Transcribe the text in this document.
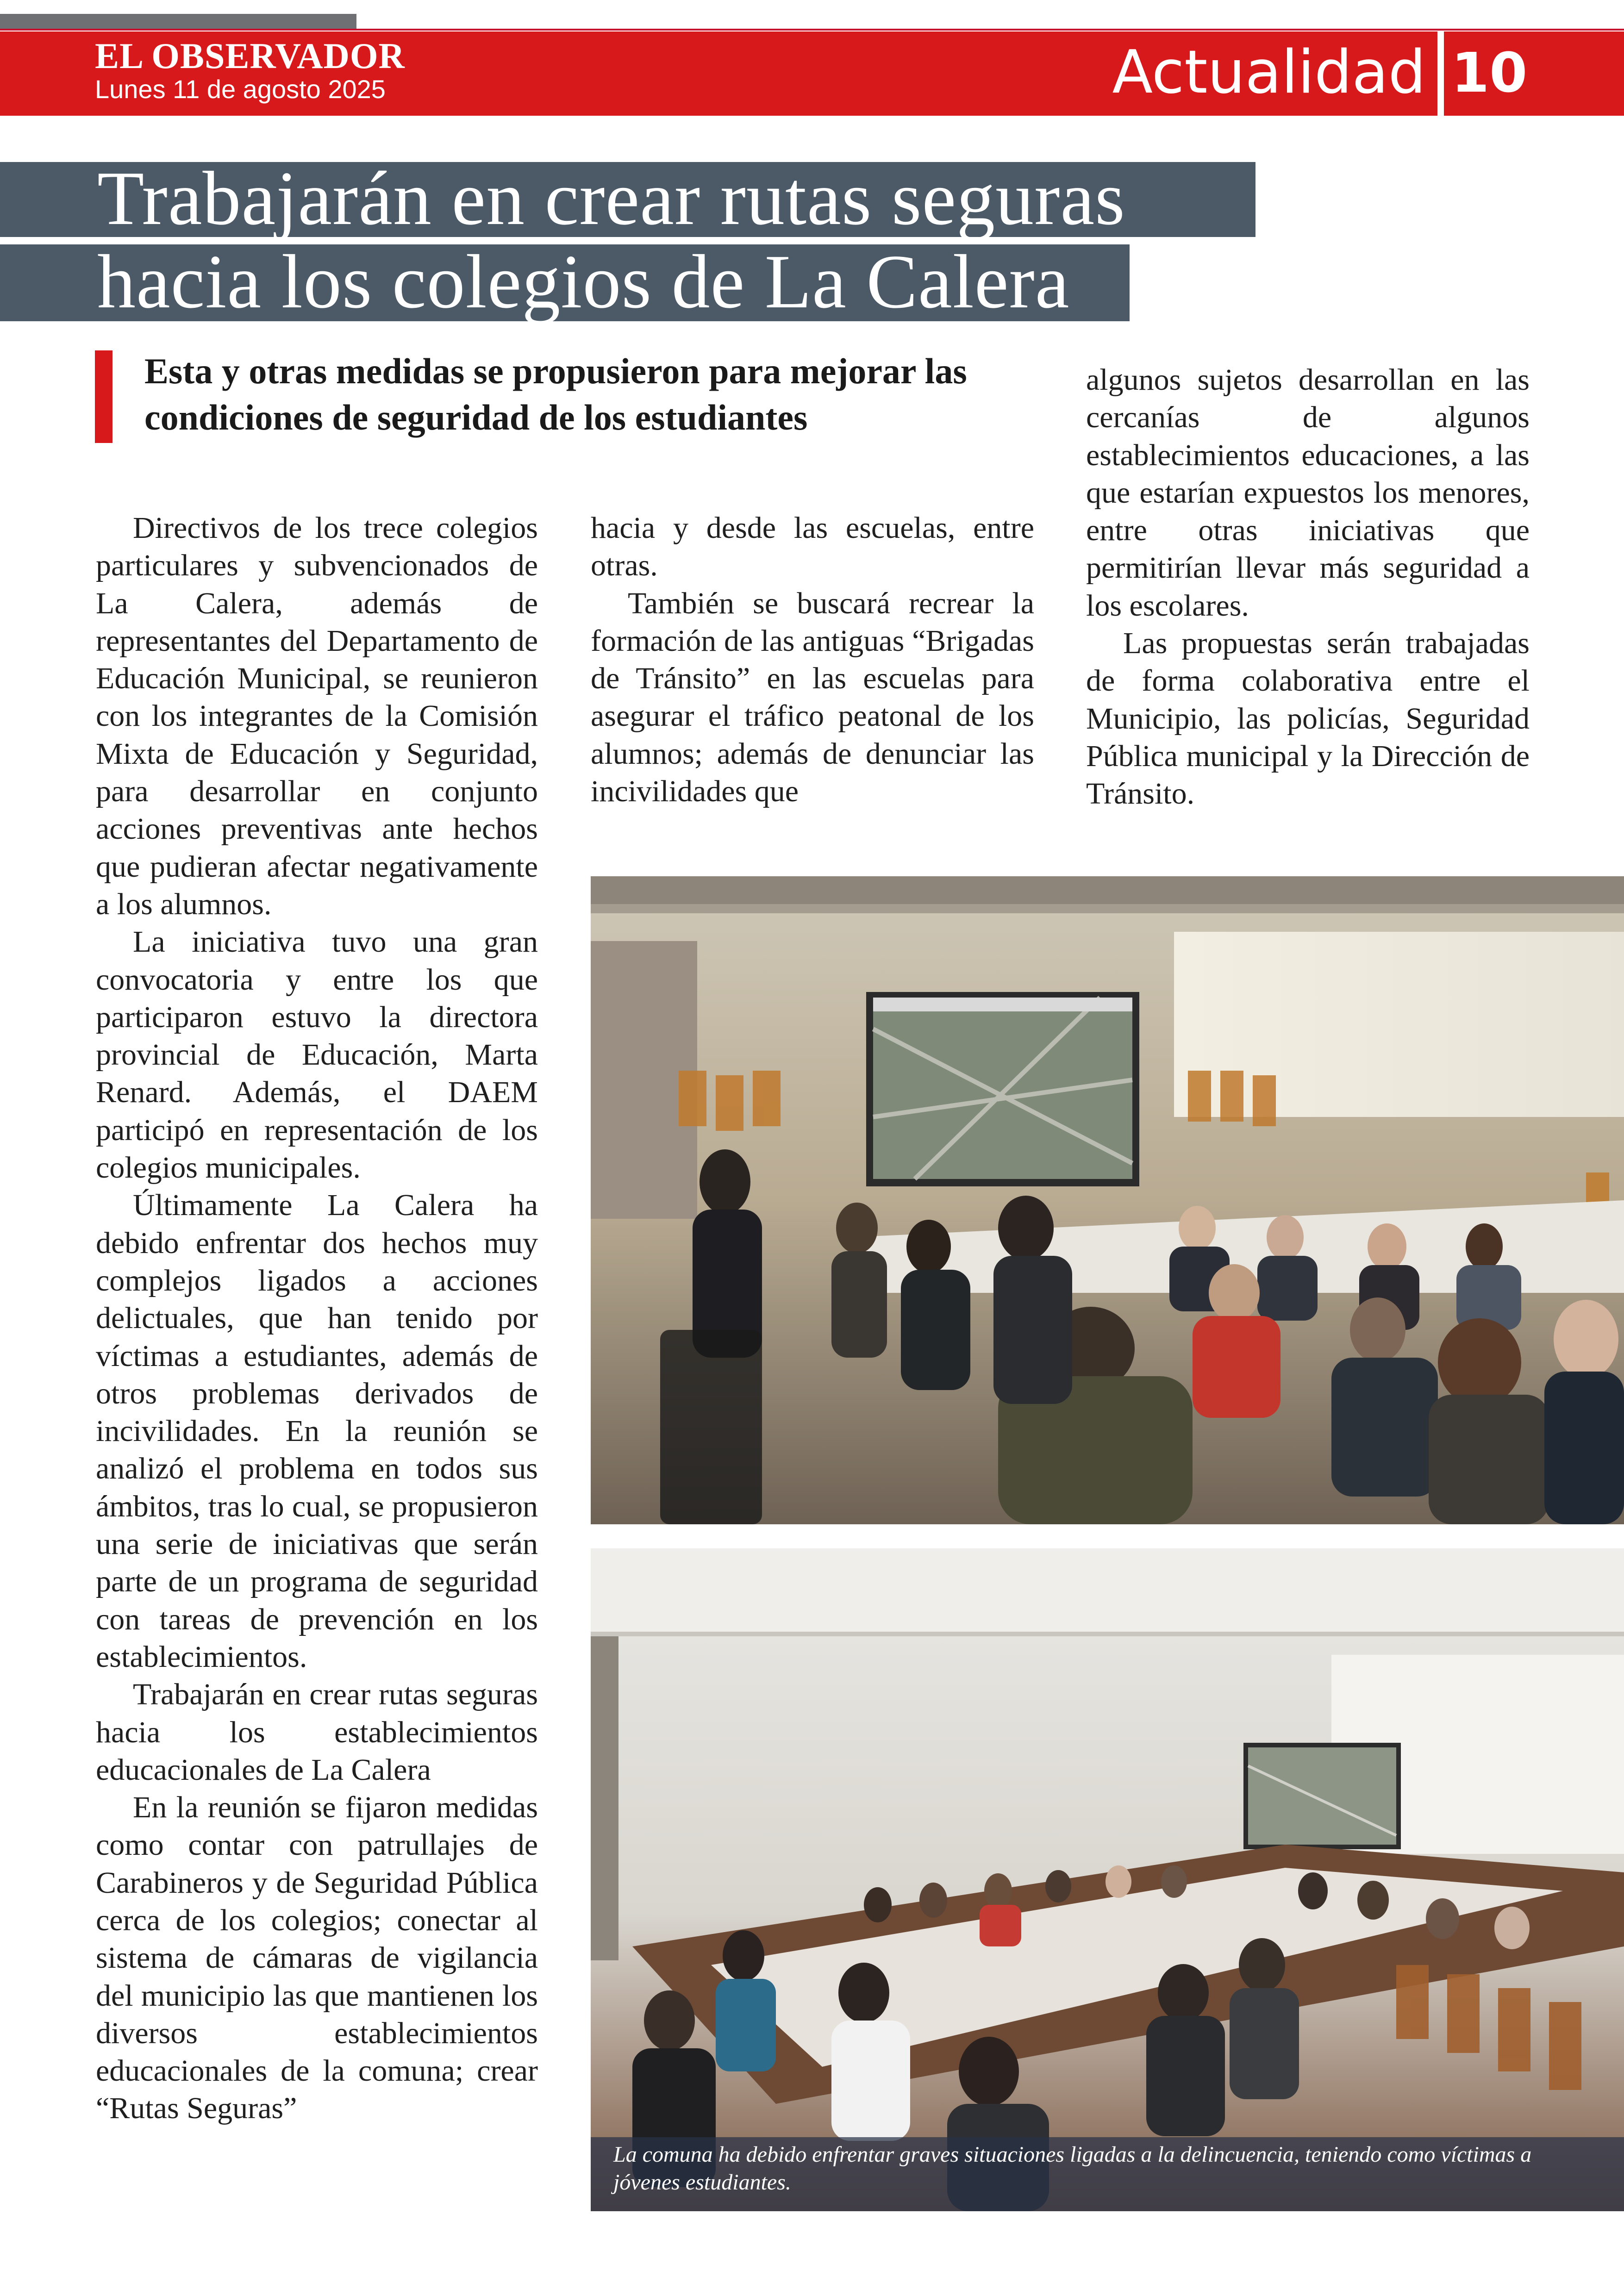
EL OBSERVADOR
Lunes 11 de agosto 2025	Actualidad 10
Trabajarán en crear rutas seguras
hacia los colegios de La Calera
Esta y otras medidas se propusieron para mejorar las condiciones de seguridad de los estudiantes

Directivos de los trece colegios particulares y subvencionados de La Calera, además de representantes del Departamento de Educación Municipal, se reunieron con los integrantes de la Comisión Mixta de Educación y Seguridad, para desarrollar en conjunto acciones preventivas ante hechos que pudieran afectar negativamente a los alumnos.

La iniciativa tuvo una gran convocatoria y entre los que participaron estuvo la directora provincial de Educación, Marta Renard. Además, el DAEM participó en representación de los colegios municipales.

Últimamente La Calera ha debido enfrentar dos hechos muy complejos ligados a acciones delictuales, que han tenido por víctimas a estudiantes, además de otros problemas derivados de incivilidades. En la reunión se analizó el problema en todos sus ámbitos, tras lo cual, se propusieron una serie de iniciativas que serán parte de un programa de seguridad con tareas de prevención en los establecimientos.

Trabajarán en crear rutas seguras hacia los establecimientos educacionales de La Calera

En la reunión se fijaron medidas como contar con patrullajes de Carabineros y de Seguridad Pública cerca de los colegios; conectar al sistema de cámaras de vigilancia del municipio las que mantienen los diversos establecimientos educacionales de la comuna; crear “Rutas Seguras”

hacia y desde las escuelas, entre otras.

También se buscará recrear la formación de las antiguas “Brigadas de Tránsito” en las escuelas para asegurar el tráfico peatonal de los alumnos; además de denunciar las incivilidades que

algunos sujetos desarrollan en las cercanías de algunos establecimientos educaciones, a las que estarían expuestos los menores, entre otras iniciativas que permitirían llevar más seguridad a los escolares.

Las propuestas serán trabajadas de forma colaborativa entre el Municipio, las policías, Seguridad Pública municipal y la Dirección de Tránsito.

La comuna ha debido enfrentar graves situaciones ligadas a la delincuencia, teniendo como víctimas a jóvenes estudiantes.
